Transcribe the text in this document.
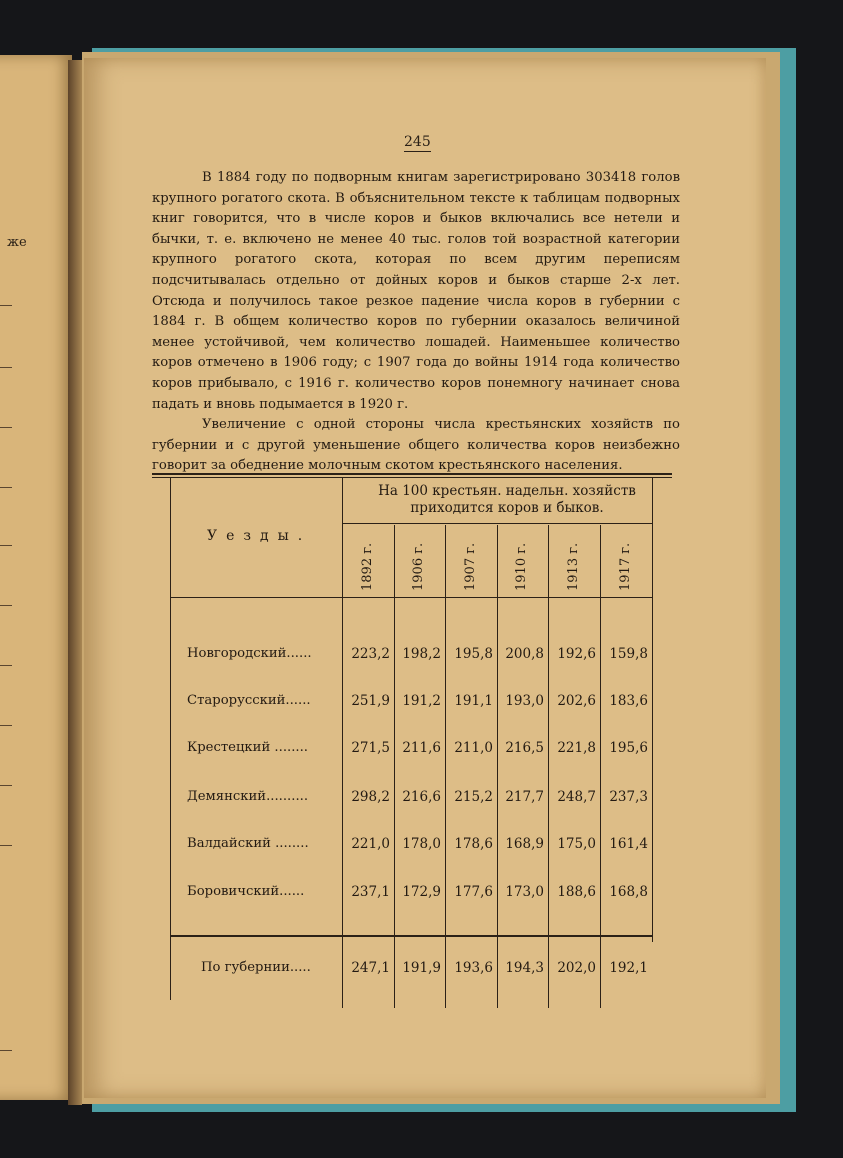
же
245

В 1884 году по подворным книгам зарегистрировано 303418 голов крупного рогатого скота. В объяснительном тексте к таблицам подворных книг говорится, что в числе коров и быков включались все нетели и бычки, т. е. включено не менее 40 тыс. голов той возрастной категории крупного рогатого скота, которая по всем другим переписям подсчитывалась отдельно от дойных коров и быков старше 2-х лет. Отсюда и получилось такое резкое падение числа коров в губернии с 1884 г. В общем количество коров по губернии оказалось величиной менее устойчивой, чем количество лошадей. Наименьшее количество коров отмечено в 1906 году; с 1907 года до войны 1914 года количество коров прибывало, с 1916 г. количество коров понемногу начинает снова падать и вновь подымается в 1920 г.

Увеличение с одной стороны числа крестьянских хозяйств по губернии и с другой уменьшение общего количества коров неизбежно говорит за обеднение молочным скотом крестьянского населения.

Уезды.
На 100 крестьян. надельн. хозяйств приходится коров и быков.
1892 г.	1906 г.	1907 г.	1910 г.	1913 г.	1917 г.
Новгородский......	223,2 198,2 195,8 200,8 192,6 159,8
Старорусский......	251,9 191,2 191,1 193,0 202,6 183,6
Крестецкий ........	271,5 211,6 211,0 216,5 221,8 195,6
Демянский..........	298,2 216,6 215,2 217,7 248,7 237,3
Валдайский ........	221,0 178,0 178,6 168,9 175,0 161,4
Боровичский......	237,1 172,9 177,6 173,0 188,6 168,8
По губернии.....	247,1 191,9 193,6 194,3 202,0 192,1
